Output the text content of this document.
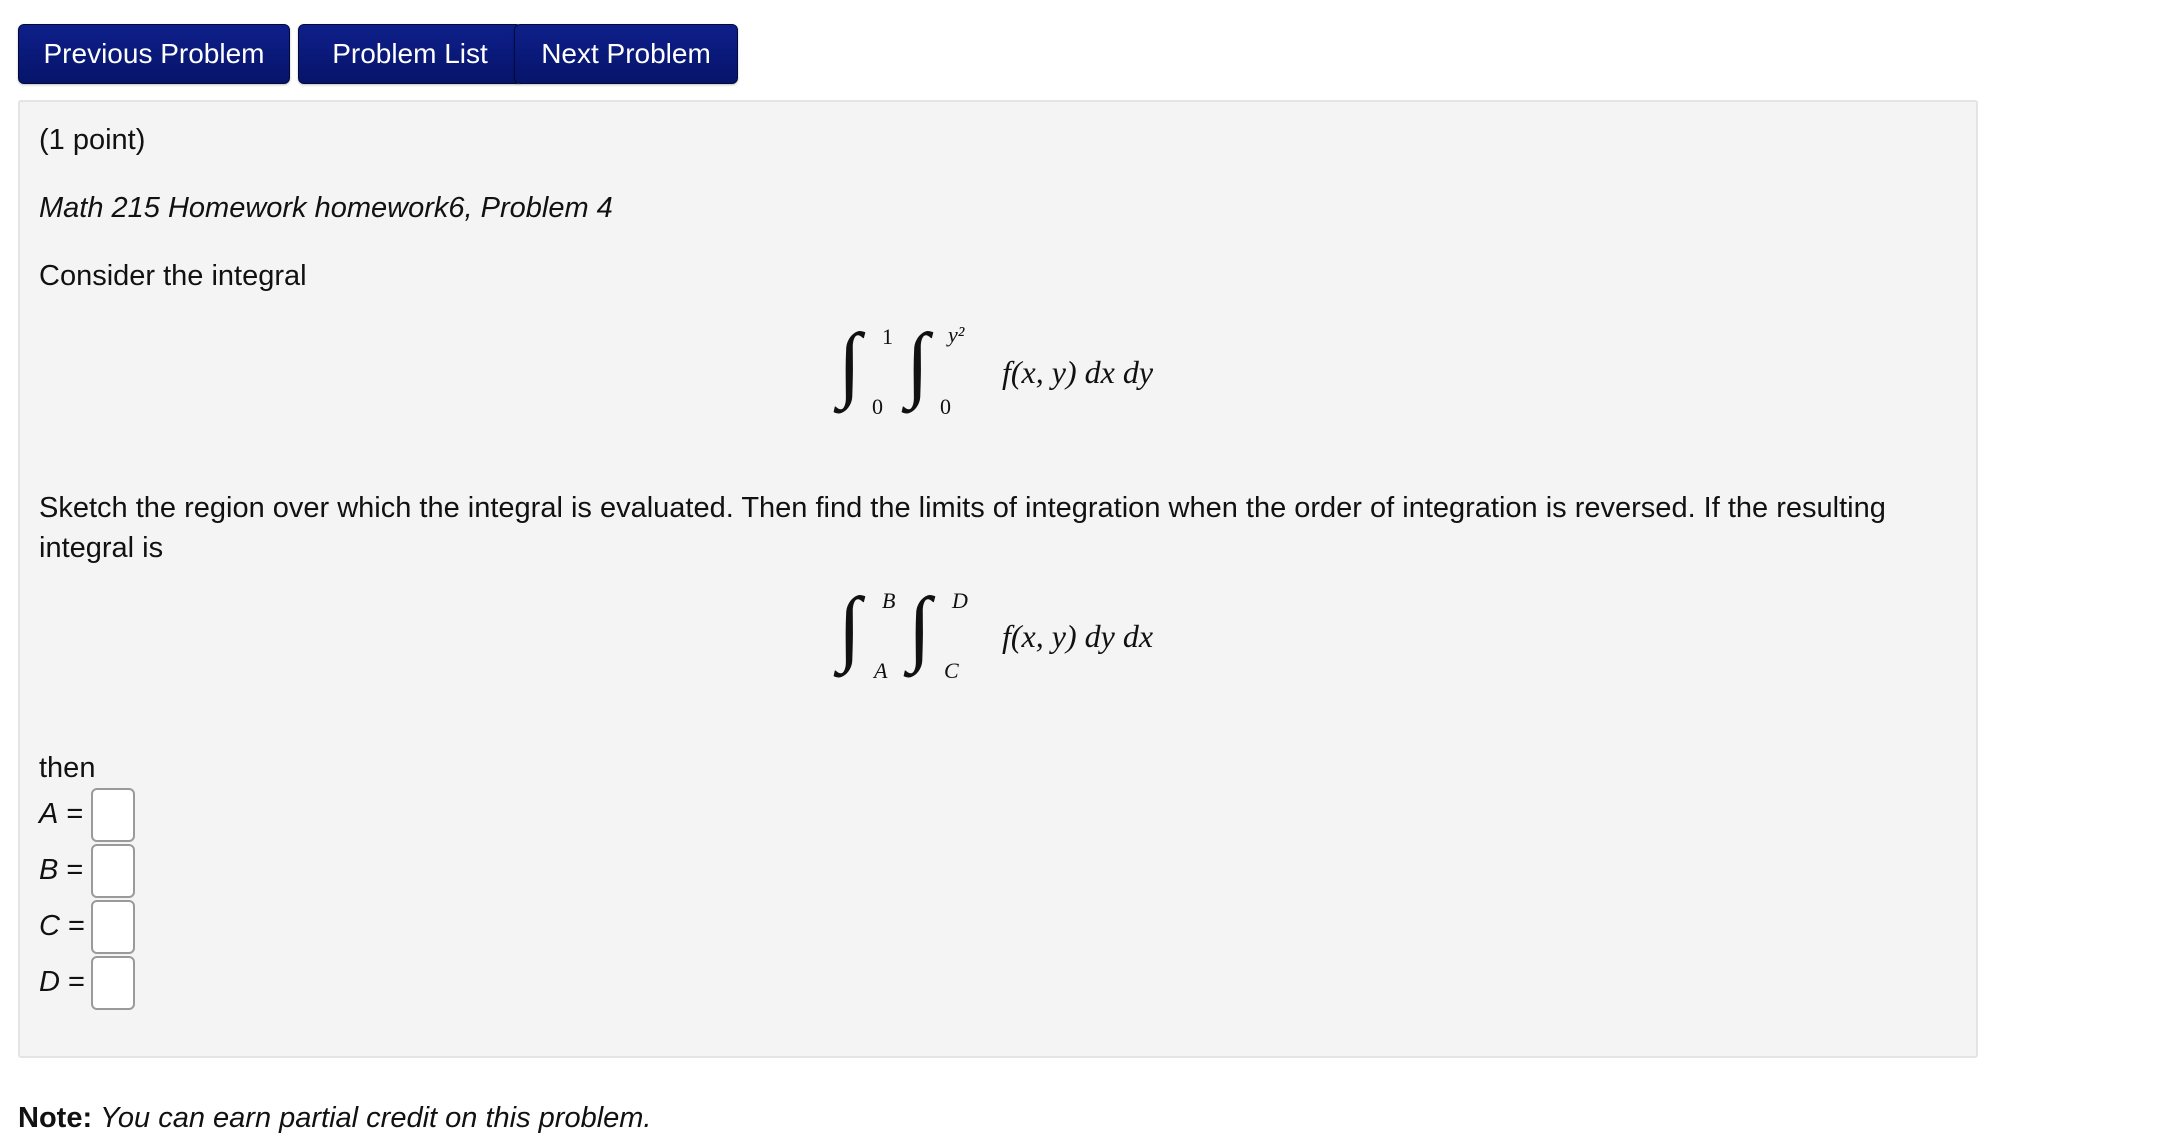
Previous Problem	Problem List	Next Problem
(1 point)
Math 215 Homework homework6, Problem 4
Consider the integral
∫ 1
0 ∫ y²
0
f(x, y) dx dy
Sketch the region over which the integral is evaluated. Then find the limits of integration when the order of integration is reversed. If the resulting integral is
∫ B
A ∫ D
C
f(x, y) dy dx
then
A =
B =
C =
D =
Note: You can earn partial credit on this problem.
